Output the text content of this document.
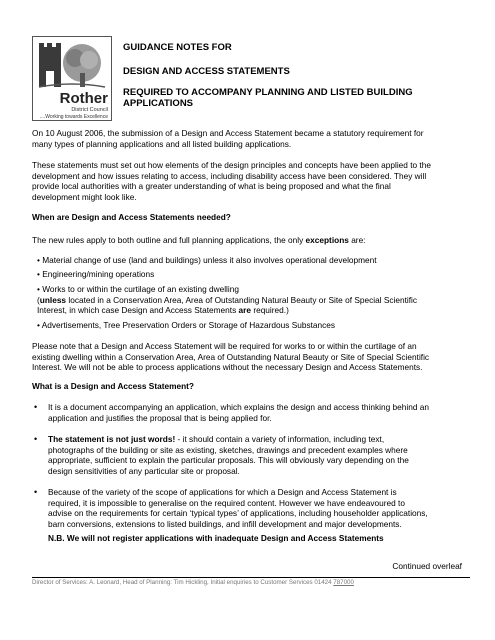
Rother
District Council
....Working towards Excellence
GUIDANCE NOTES FOR
DESIGN AND ACCESS STATEMENTS
REQUIRED TO ACCOMPANY PLANNING AND LISTED BUILDING
APPLICATIONS
On 10 August 2006, the submission of a Design and Access Statement became a statutory requirement for
many types of planning applications and all listed building applications.
These statements must set out how elements of the design principles and concepts have been applied to the
development and how issues relating to access, including disability access have been considered. They will
provide local authorities with a greater understanding of what is being proposed and what the final
development might look like.
When are Design and Access Statements needed?
The new rules apply to both outline and full planning applications, the only exceptions are:
• Material change of use (land and buildings) unless it also involves operational development
• Engineering/mining operations
• Works to or within the curtilage of an existing dwelling
(unless located in a Conservation Area, Area of Outstanding Natural Beauty or Site of Special Scientific
Interest, in which case Design and Access Statements are required.)
• Advertisements, Tree Preservation Orders or Storage of Hazardous Substances
Please note that a Design and Access Statement will be required for works to or within the curtilage of an
existing dwelling within a Conservation Area, Area of Outstanding Natural Beauty or Site of Special Scientific
Interest. We will not be able to process applications without the necessary Design and Access Statements.
What is a Design and Access Statement?
• It is a document accompanying an application, which explains the design and access thinking behind an
application and justifies the proposal that is being applied for.
• The statement is not just words! - it should contain a variety of information, including text,
photographs of the building or site as existing, sketches, drawings and precedent examples where
appropriate, sufficient to explain the particular proposals. This will obviously vary depending on the
design sensitivities of any particular site or proposal.
• Because of the variety of the scope of applications for which a Design and Access Statement is
required, it is impossible to generalise on the required content. However we have endeavoured to
advise on the requirements for certain ‘typical types’ of applications, including householder applications,
barn conversions, extensions to listed buildings, and infill development and major developments.
N.B. We will not register applications with inadequate Design and Access Statements
Continued overleaf
Director of Services: A. Leonard, Head of Planning: Tim Hickling, Initial enquiries to Customer Services 01424 787000
